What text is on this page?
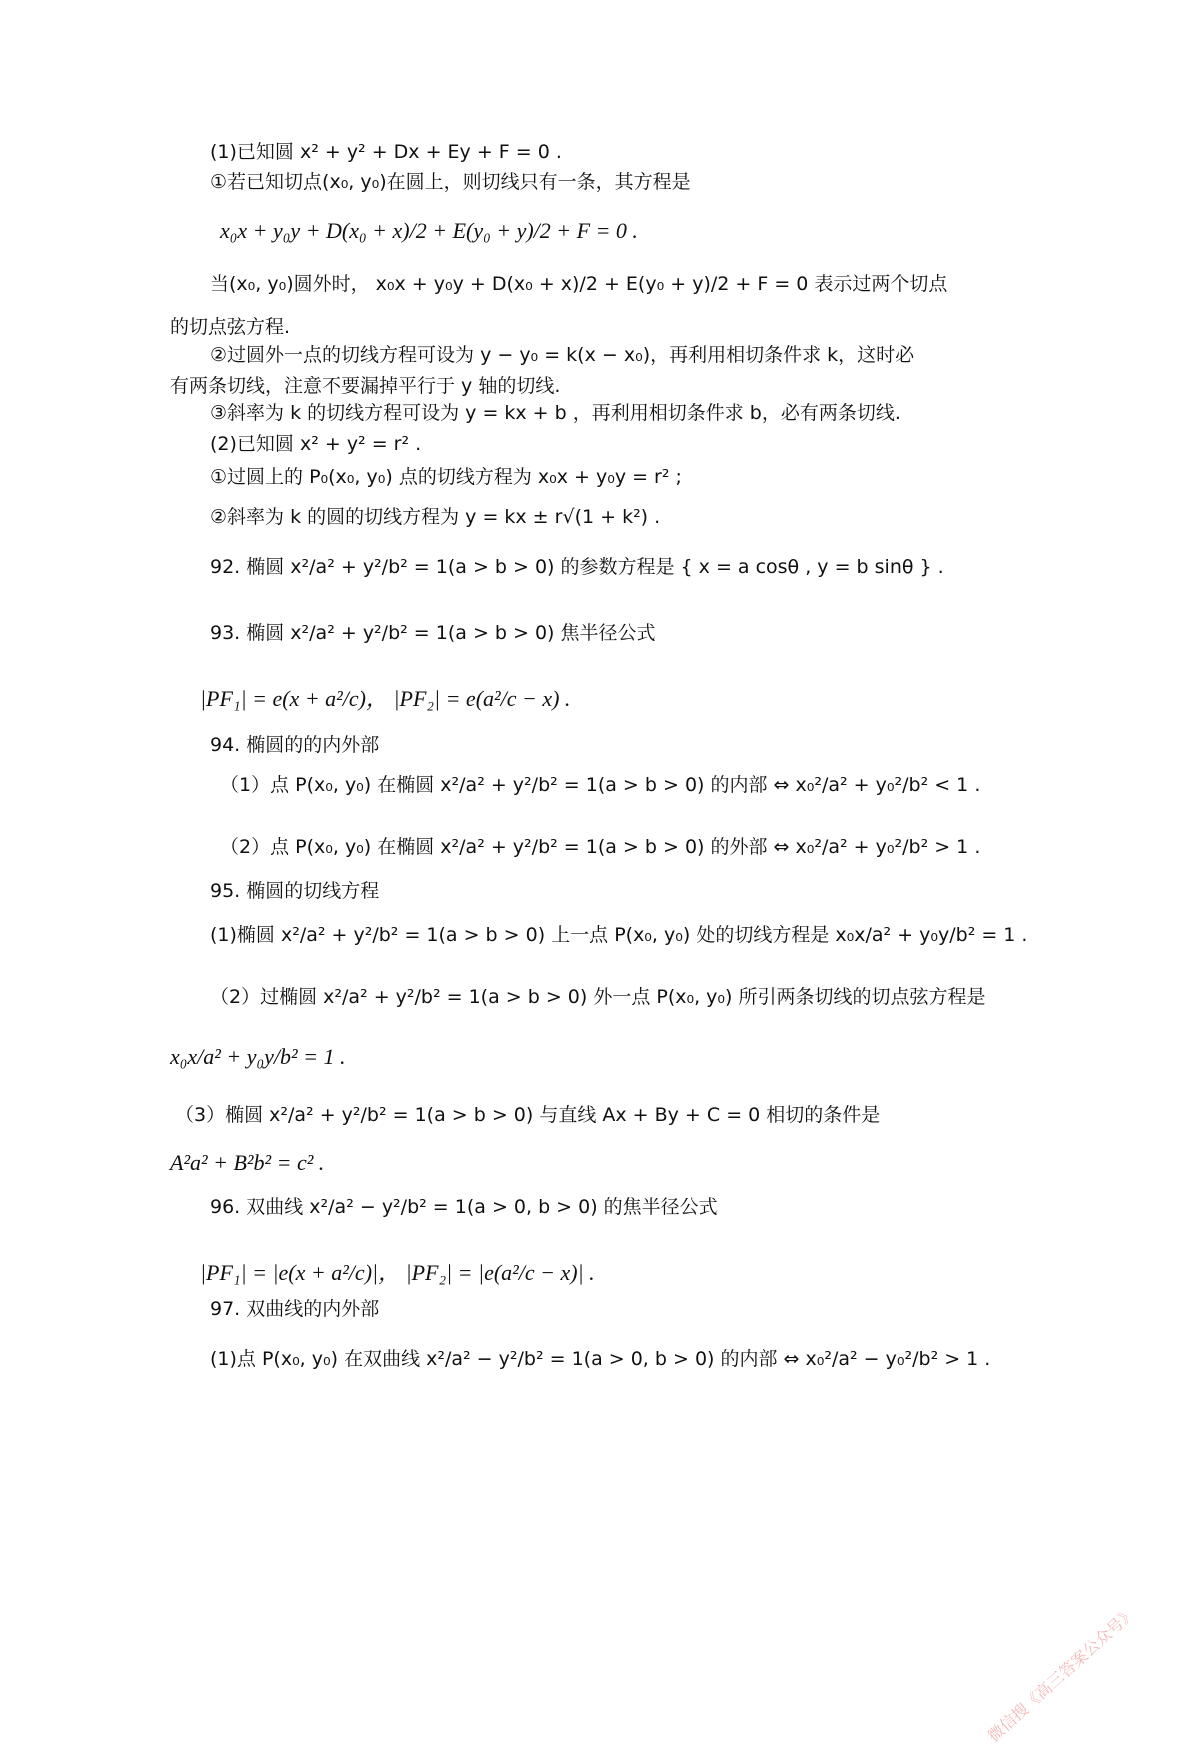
(1)已知圆 x² + y² + Dx + Ey + F = 0 .
①若已知切点(x₀, y₀)在圆上，则切线只有一条，其方程是
x₀x + y₀y + D(x₀ + x)/2 + E(y₀ + y)/2 + F = 0 .
当(x₀, y₀)圆外时， x₀x + y₀y + D(x₀ + x)/2 + E(y₀ + y)/2 + F = 0 表示过两个切点
的切点弦方程.
②过圆外一点的切线方程可设为 y − y₀ = k(x − x₀)，再利用相切条件求 k，这时必
有两条切线，注意不要漏掉平行于 y 轴的切线.
③斜率为 k 的切线方程可设为 y = kx + b ，再利用相切条件求 b，必有两条切线.
(2)已知圆 x² + y² = r² .
①过圆上的 P₀(x₀, y₀) 点的切线方程为 x₀x + y₀y = r² ;
②斜率为 k 的圆的切线方程为 y = kx ± r√(1 + k²) .
92. 椭圆 x²/a² + y²/b² = 1(a > b > 0) 的参数方程是 { x = a cosθ , y = b sinθ } .
93. 椭圆 x²/a² + y²/b² = 1(a > b > 0) 焦半径公式
|PF₁| = e(x + a²/c)， |PF₂| = e(a²/c − x) .
94. 椭圆的的内外部
（1）点 P(x₀, y₀) 在椭圆 x²/a² + y²/b² = 1(a > b > 0) 的内部 ⇔ x₀²/a² + y₀²/b² < 1 .
（2）点 P(x₀, y₀) 在椭圆 x²/a² + y²/b² = 1(a > b > 0) 的外部 ⇔ x₀²/a² + y₀²/b² > 1 .
95. 椭圆的切线方程
(1)椭圆 x²/a² + y²/b² = 1(a > b > 0) 上一点 P(x₀, y₀) 处的切线方程是 x₀x/a² + y₀y/b² = 1 .
（2）过椭圆 x²/a² + y²/b² = 1(a > b > 0) 外一点 P(x₀, y₀) 所引两条切线的切点弦方程是
x₀x/a² + y₀y/b² = 1 .
（3）椭圆 x²/a² + y²/b² = 1(a > b > 0) 与直线 Ax + By + C = 0 相切的条件是
A²a² + B²b² = c² .
96. 双曲线 x²/a² − y²/b² = 1(a > 0, b > 0) 的焦半径公式
|PF₁| = |e(x + a²/c)|， |PF₂| = |e(a²/c − x)| .
97. 双曲线的内外部
(1)点 P(x₀, y₀) 在双曲线 x²/a² − y²/b² = 1(a > 0, b > 0) 的内部 ⇔ x₀²/a² − y₀²/b² > 1 .
微信搜《高三答案公众号》
